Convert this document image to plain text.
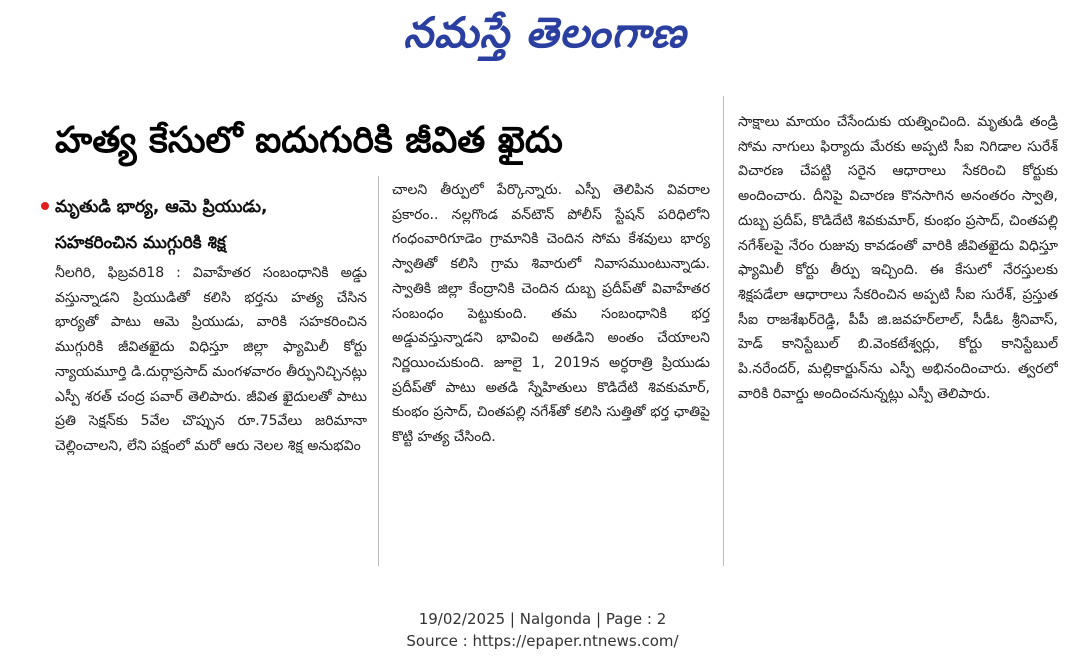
నమస్తే తెలంగాణ
హత్య కేసులో ఐదుగురికి జీవిత ఖైదు
మృతుడి భార్య, ఆమె ప్రియుడు,
సహకరించిన ముగ్గురికి శిక్ష

నీలగిరి, ఫిబ్రవరి18 : వివాహేతర సంబంధానికి అడ్డు వస్తున్నాడని ప్రియుడితో కలిసి భర్తను హత్య చేసిన భార్యతో పాటు ఆమె ప్రియుడు, వారికి సహకరించిన ముగ్గురికి జీవితఖైదు విధిస్తూ జిల్లా ఫ్యామిలీ కోర్టు న్యాయమూర్తి డి.దుర్గాప్రసాద్ మంగళవారం తీర్పునిచ్చినట్లు ఎస్పీ శరత్ చంద్ర పవార్ తెలిపారు. జీవిత ఖైదులతో పాటు ప్రతి సెక్షన్‌కు 5వేల చొప్పున రూ.75వేలు జరిమానా చెల్లించాలని, లేని పక్షంలో మరో ఆరు నెలల శిక్ష అనుభవిం

చాలని తీర్పులో పేర్కొన్నారు. ఎస్పీ తెలిపిన వివరాల ప్రకారం.. నల్లగొండ వన్‌టౌన్ పోలీస్ స్టేషన్ పరిధిలోని గంధంవారిగూడెం గ్రామానికి చెందిన సోమ కేశవులు భార్య స్వాతితో కలిసి గ్రామ శివారులో నివాసముంటున్నాడు. స్వాతికి జిల్లా కేంద్రానికి చెందిన దుబ్బ ప్రదీప్‌తో వివాహేతర సంబంధం పెట్టుకుంది. తమ సంబంధానికి భర్త అడ్డువస్తున్నాడని భావించి అతడిని అంతం చేయాలని నిర్ణయించుకుంది. జూలై 1, 2019న అర్ధరాత్రి ప్రియుడు ప్రదీప్‌తో పాటు అతడి స్నేహితులు కొడిదేటి శివకుమార్, కుంభం ప్రసాద్, చింతపల్లి నగేశ్‌తో కలిసి సుత్తితో భర్త ఛాతిపై కొట్టి హత్య చేసింది.

సాక్షాలు మాయం చేసేందుకు యత్నించింది. మృతుడి తండ్రి సోమ నాగులు ఫిర్యాదు మేరకు అప్పటి సీఐ నిగిడాల సురేశ్ విచారణ చేపట్టి సరైన ఆధారాలు సేకరించి కోర్టుకు అందించారు. దీనిపై విచారణ కొనసాగిన అనంతరం స్వాతి, దుబ్బ ప్రదీప్, కొడిదేటి శివకుమార్, కుంభం ప్రసాద్, చింతపల్లి నగేశ్‌లపై నేరం రుజువు కావడంతో వారికి జీవితఖైదు విధిస్తూ ఫ్యామిలీ కోర్టు తీర్పు ఇచ్చింది. ఈ కేసులో నేరస్తులకు శిక్షపడేలా ఆధారాలు సేకరించిన అప్పటి సీఐ సురేశ్, ప్రస్తుత సీఐ రాజశేఖర్‌రెడ్డి, పీపీ జి.జవహర్‌లాల్, సీడీఓ శ్రీనివాస్, హెడ్ కానిస్టేబుల్ బి.వెంకటేశ్వర్లు, కోర్టు కానిస్టేబుల్ పి.నరేందర్, మల్లికార్జున్‌ను ఎస్పీ అభినందించారు. త్వరలో వారికి రివార్డు అందించనున్నట్లు ఎస్పీ తెలిపారు.

19/02/2025 | Nalgonda | Page : 2
Source : https://epaper.ntnews.com/
